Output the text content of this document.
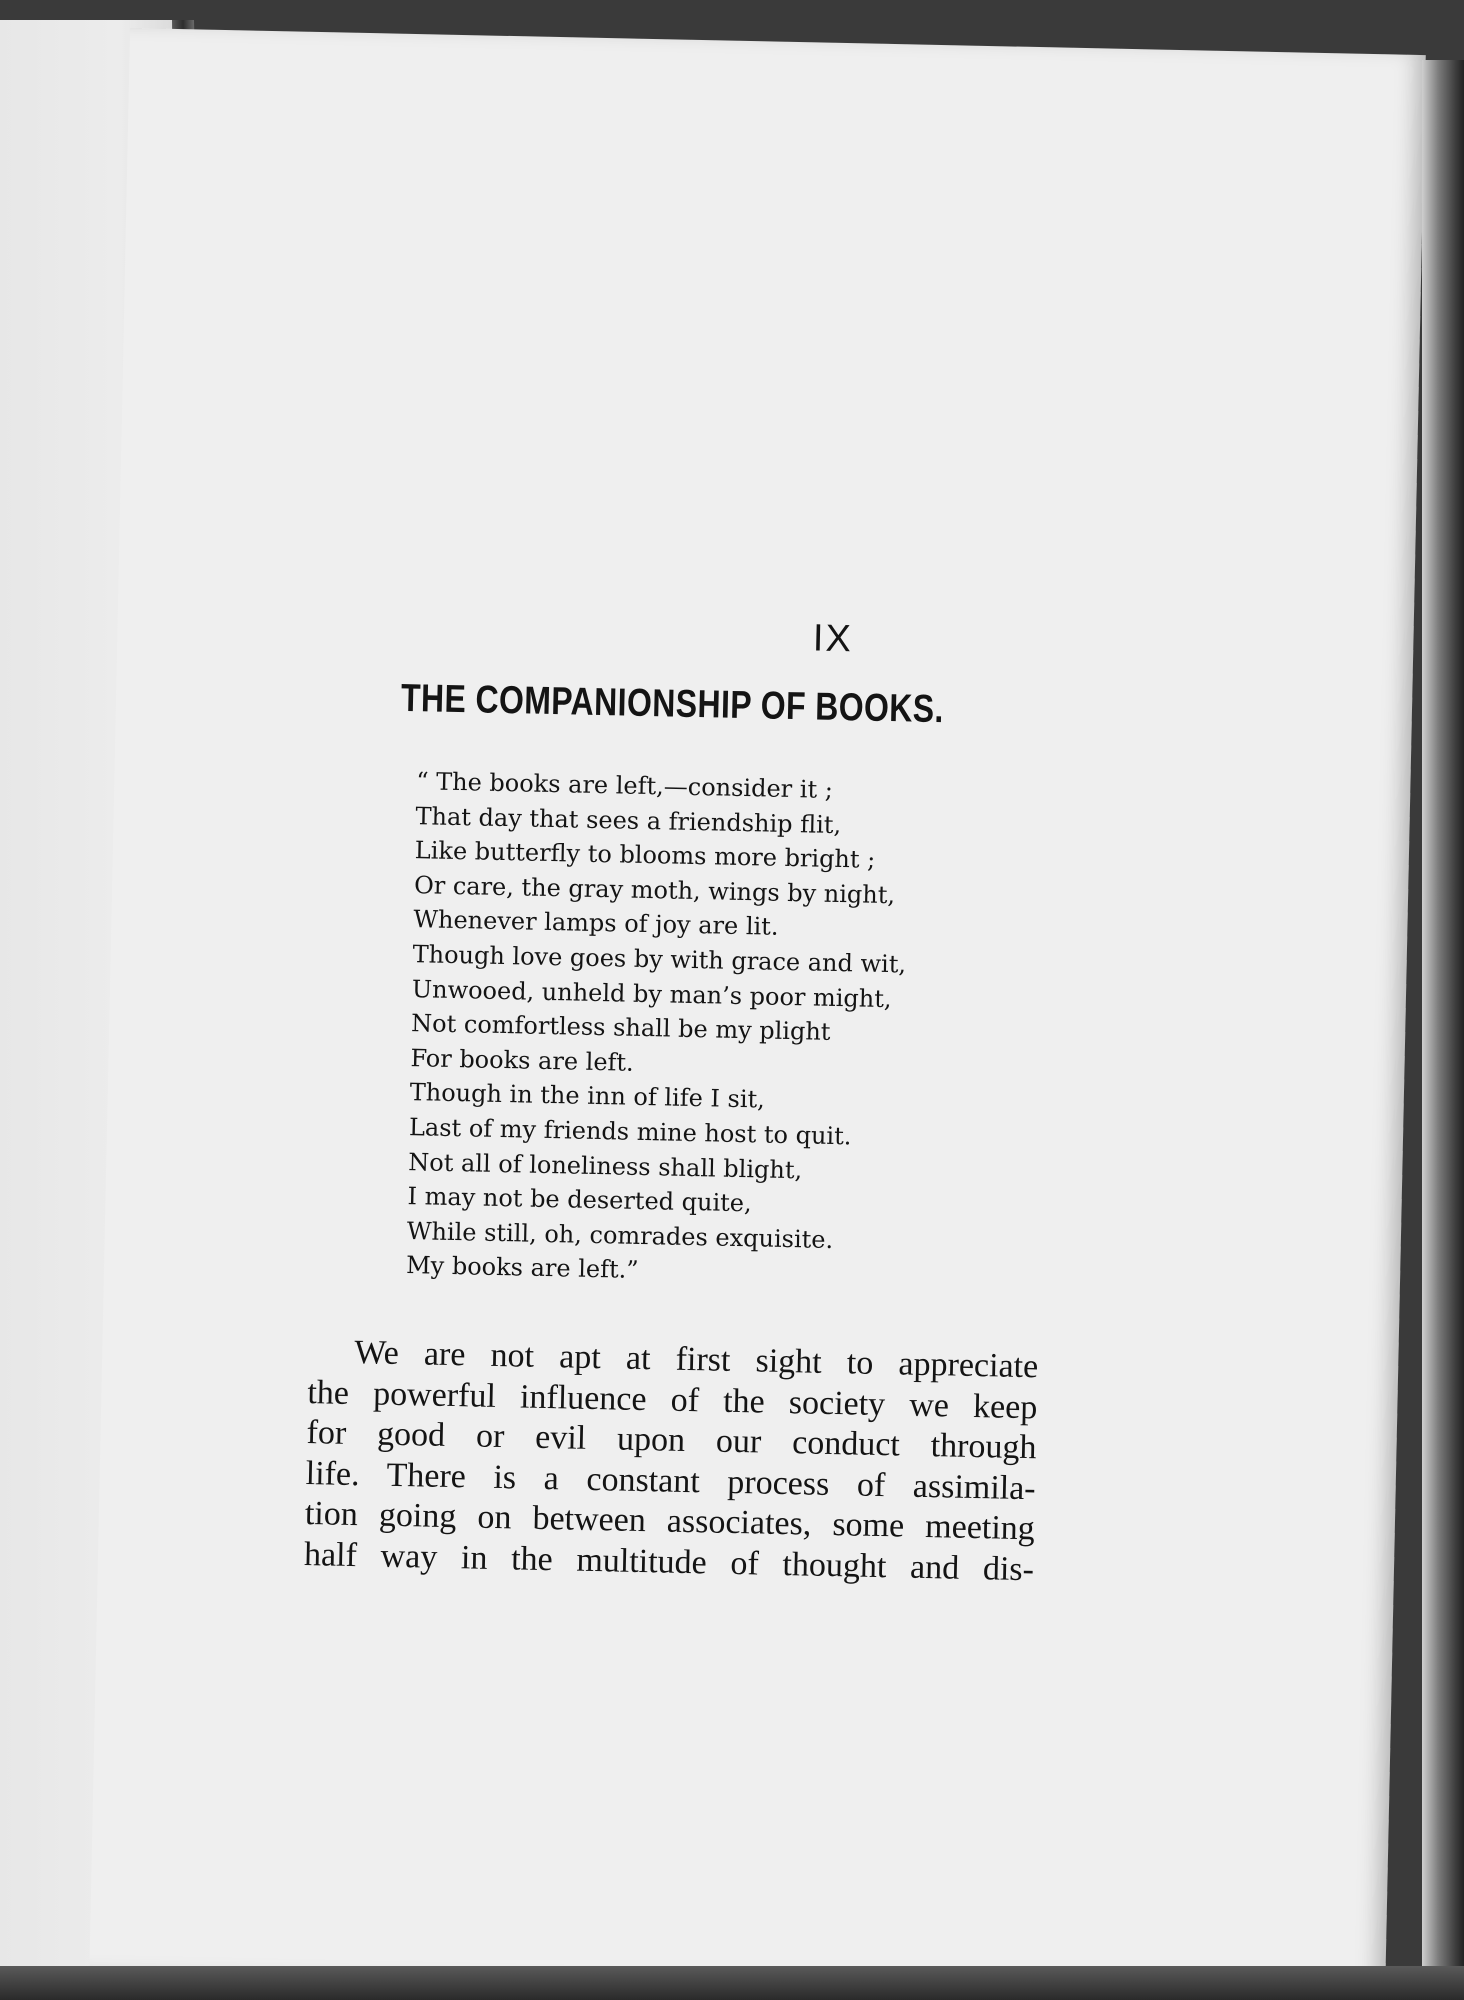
IX
THE COMPANIONSHIP OF BOOKS.
“ The books are left,—consider it ;
That day that sees a friendship flit,
Like butterfly to blooms more bright ;
Or care, the gray moth, wings by night,
Whenever lamps of joy are lit.
Though love goes by with grace and wit,
Unwooed, unheld by man’s poor might,
Not comfortless shall be my plight
For books are left.
Though in the inn of life I sit,
Last of my friends mine host to quit.
Not all of loneliness shall blight,
I may not be deserted quite,
While still, oh, comrades exquisite.
My books are left.”
We are not apt at first sight to appreciate
the powerful influence of the society we keep
for good or evil upon our conduct through
life. There is a constant process of assimila-
tion going on between associates, some meeting
half way in the multitude of thought and dis-
